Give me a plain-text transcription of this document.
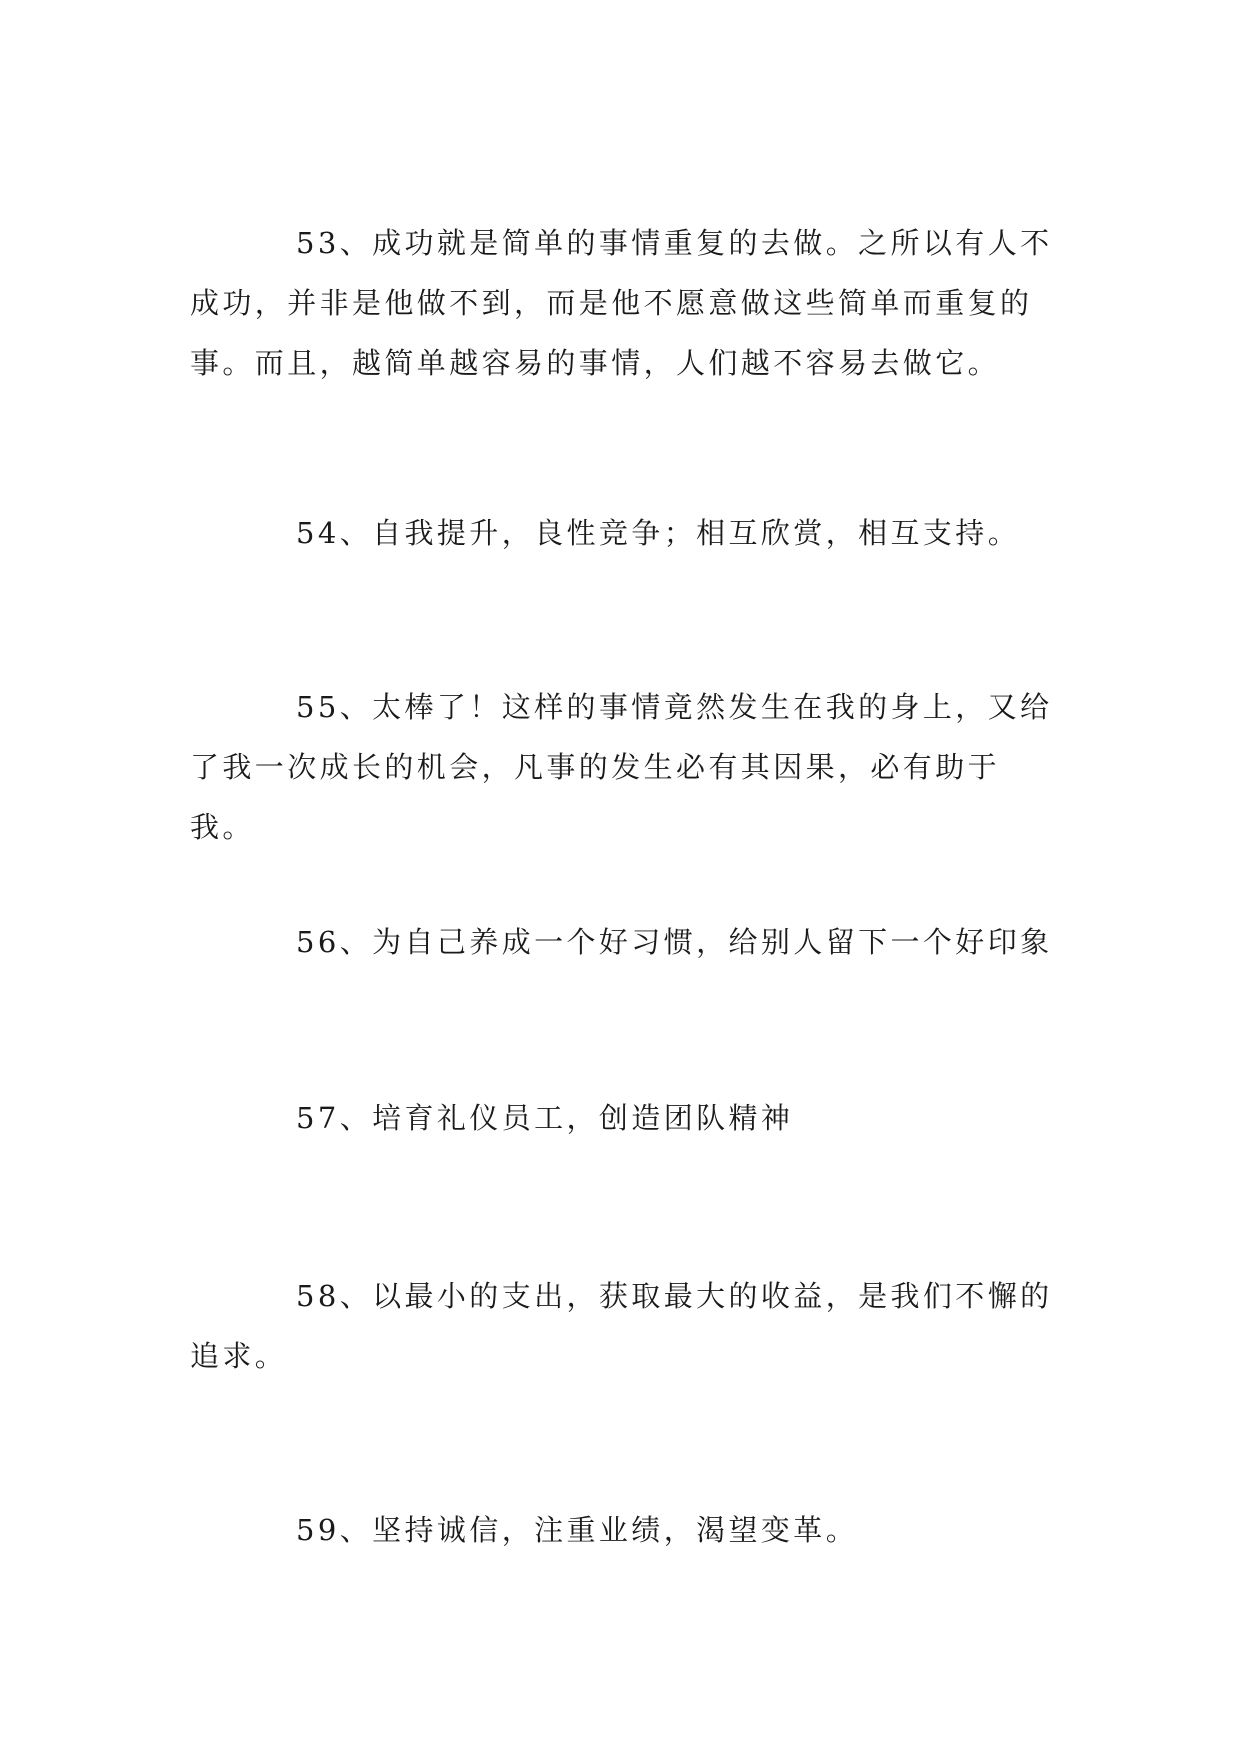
53、成功就是简单的事情重复的去做。之所以有人不成功，并非是他做不到，而是他不愿意做这些简单而重复的事。而且，越简单越容易的事情，人们越不容易去做它。

54、自我提升，良性竞争；相互欣赏，相互支持。

55、太棒了！这样的事情竟然发生在我的身上，又给了我一次成长的机会，凡事的发生必有其因果，必有助于我。

56、为自己养成一个好习惯，给别人留下一个好印象

57、培育礼仪员工，创造团队精神

58、以最小的支出，获取最大的收益，是我们不懈的追求。

59、坚持诚信，注重业绩，渴望变革。
